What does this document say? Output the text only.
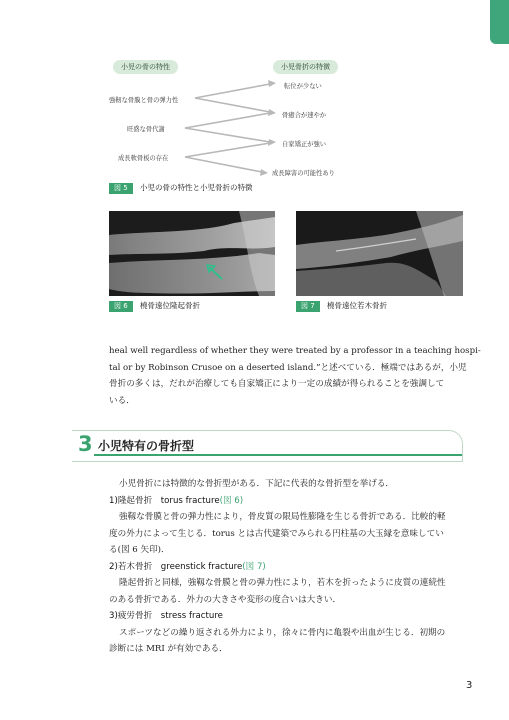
小児の骨の特性	小児骨折の特徴
強靭な骨膜と骨の弾力性
旺盛な骨代謝
成長軟骨板の存在
転位が少ない
骨癒合が速やか
自家矯正が強い
成長障害の可能性あり
図 5	小児の骨の特性と小児骨折の特徴
図 6	橈骨遠位隆起骨折	図 7	橈骨遠位若木骨折
heal well regardless of whether they were treated by a professor in a teaching hospi-
tal or by Robinson Crusoe on a deserted island.”と述べている．極端ではあるが，小児
骨折の多くは，だれが治療しても自家矯正により一定の成績が得られることを強調して
いる．
3 小児特有の骨折型
小児骨折には特徴的な骨折型がある．下記に代表的な骨折型を挙げる．
1)隆起骨折　torus fracture(図 6)
強靱な骨膜と骨の弾力性により，骨皮質の限局性膨隆を生じる骨折である．比較的軽
度の外力によって生じる．torus とは古代建築でみられる円柱基の大玉縁を意味してい
る(図 6 矢印)．
2)若木骨折　greenstick fracture(図 7)
隆起骨折と同様，強靱な骨膜と骨の弾力性により，若木を折ったように皮質の連続性
のある骨折である．外力の大きさや変形の度合いは大きい．
3)疲労骨折　stress fracture
スポーツなどの繰り返される外力により，徐々に骨内に亀裂や出血が生じる．初期の
診断には MRI が有効である．
3
